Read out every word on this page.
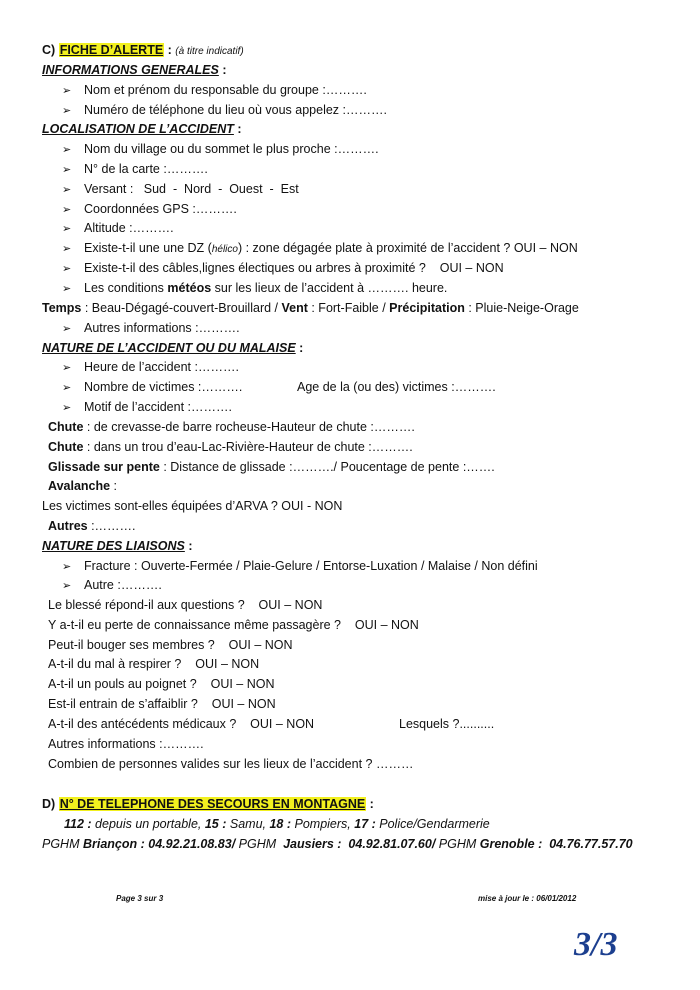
C) FICHE D’ALERTE : (à titre indicatif)
INFORMATIONS GENERALES :
➢ Nom et prénom du responsable du groupe :……….
➢ Numéro de téléphone du lieu où vous appelez :……….
LOCALISATION DE L’ACCIDENT :
➢ Nom du village ou du sommet le plus proche :……….
➢ N° de la carte :……….
➢ Versant :   Sud  -  Nord  -  Ouest  -  Est
➢ Coordonnées GPS :……….
➢ Altitude :……….
➢ Existe-t-il une une DZ (hélico) : zone dégagée plate à proximité de l’accident ? OUI – NON
➢ Existe-t-il des câbles,lignes électiques ou arbres à proximité ?    OUI – NON
➢ Les conditions météos sur les lieux de l’accident à ………. heure.
Temps : Beau-Dégagé-couvert-Brouillard / Vent : Fort-Faible / Précipitation : Pluie-Neige-Orage
➢ Autres informations :……….
NATURE DE L’ACCIDENT OU DU MALAISE :
➢ Heure de l’accident :……….
➢ Nombre de victimes :……….	Age de la (ou des) victimes :……….
➢ Motif de l’accident :……….
Chute : de crevasse-de barre rocheuse-Hauteur de chute :……….
Chute : dans un trou d’eau-Lac-Rivière-Hauteur de chute :……….
Glissade sur pente : Distance de glissade :………./ Poucentage de pente :…….
Avalanche :
Les victimes sont-elles équipées d’ARVA ? OUI - NON
Autres :……….
NATURE DES LIAISONS :
➢ Fracture : Ouverte-Fermée / Plaie-Gelure / Entorse-Luxation / Malaise / Non défini
➢ Autre :……….
Le blessé répond-il aux questions ?    OUI – NON
Y a-t-il eu perte de connaissance même passagère ?    OUI – NON
Peut-il bouger ses membres ?    OUI – NON
A-t-il du mal à respirer ?    OUI – NON
A-t-il un pouls au poignet ?    OUI – NON
Est-il entrain de s’affaiblir ?    OUI – NON
A-t-il des antécédents médicaux ?    OUI – NON	Lesquels ?..........
Autres informations :……….
Combien de personnes valides sur les lieux de l’accident ? ………
D) N° DE TELEPHONE DES SECOURS EN MONTAGNE :
112 : depuis un portable, 15 : Samu, 18 : Pompiers, 17 : Police/Gendarmerie
PGHM Briançon : 04.92.21.08.83/ PGHM  Jausiers :  04.92.81.07.60/ PGHM Grenoble :  04.76.77.57.70
Page 3 sur 3	mise à jour le : 06/01/2012
3/3
